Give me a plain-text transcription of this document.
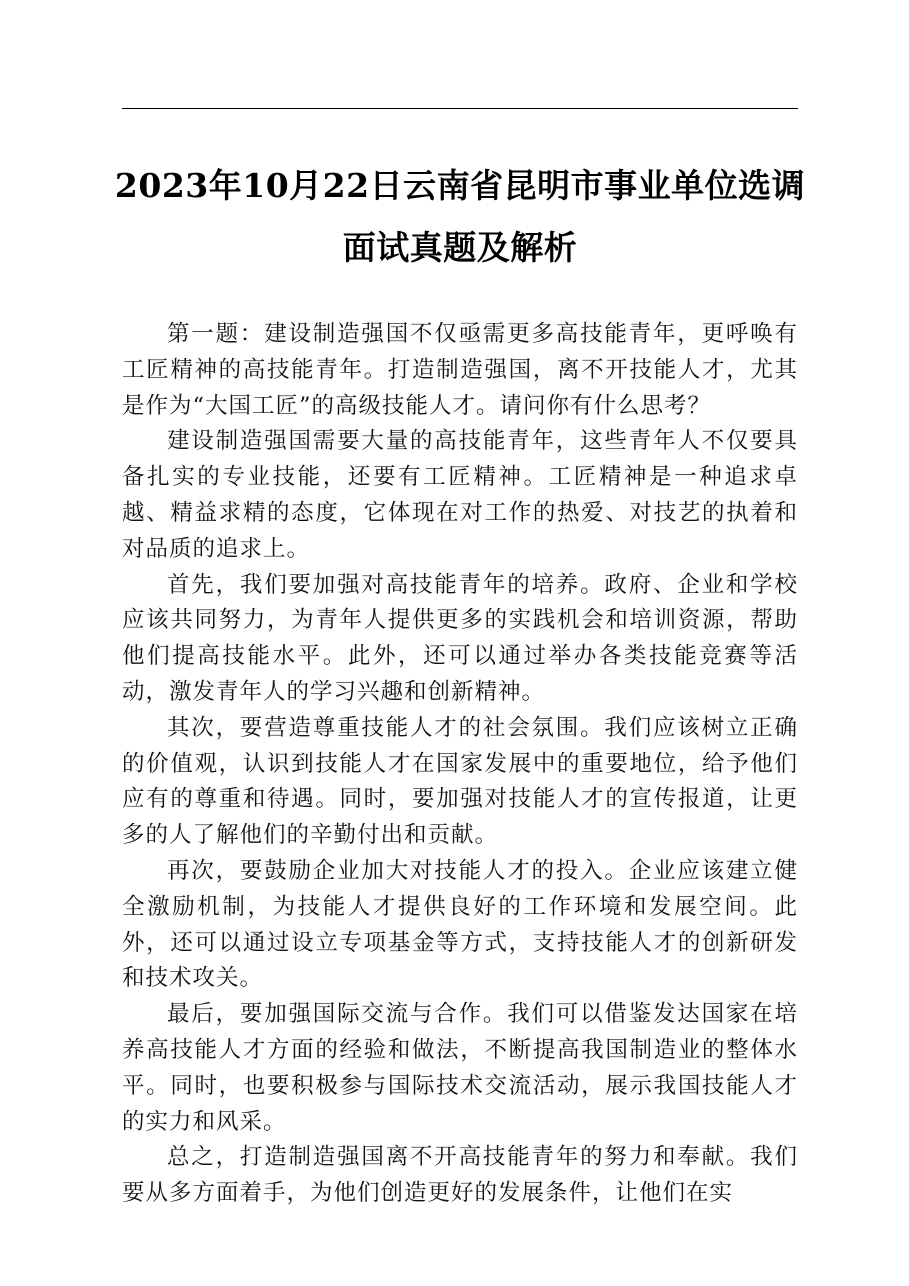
2023年10月22日云南省昆明市事业单位选调
面试真题及解析

第一题：建设制造强国不仅亟需更多高技能青年，更呼唤有工匠精神的高技能青年。打造制造强国，离不开技能人才，尤其是作为“大国工匠”的高级技能人才。请问你有什么思考？

建设制造强国需要大量的高技能青年，这些青年人不仅要具备扎实的专业技能，还要有工匠精神。工匠精神是一种追求卓越、精益求精的态度，它体现在对工作的热爱、对技艺的执着和对品质的追求上。

首先，我们要加强对高技能青年的培养。政府、企业和学校应该共同努力，为青年人提供更多的实践机会和培训资源，帮助他们提高技能水平。此外，还可以通过举办各类技能竞赛等活动，激发青年人的学习兴趣和创新精神。

其次，要营造尊重技能人才的社会氛围。我们应该树立正确的价值观，认识到技能人才在国家发展中的重要地位，给予他们应有的尊重和待遇。同时，要加强对技能人才的宣传报道，让更多的人了解他们的辛勤付出和贡献。

再次，要鼓励企业加大对技能人才的投入。企业应该建立健全激励机制，为技能人才提供良好的工作环境和发展空间。此外，还可以通过设立专项基金等方式，支持技能人才的创新研发和技术攻关。

最后，要加强国际交流与合作。我们可以借鉴发达国家在培养高技能人才方面的经验和做法，不断提高我国制造业的整体水平。同时，也要积极参与国际技术交流活动，展示我国技能人才的实力和风采。

总之，打造制造强国离不开高技能青年的努力和奉献。我们要从多方面着手，为他们创造更好的发展条件，让他们在实
